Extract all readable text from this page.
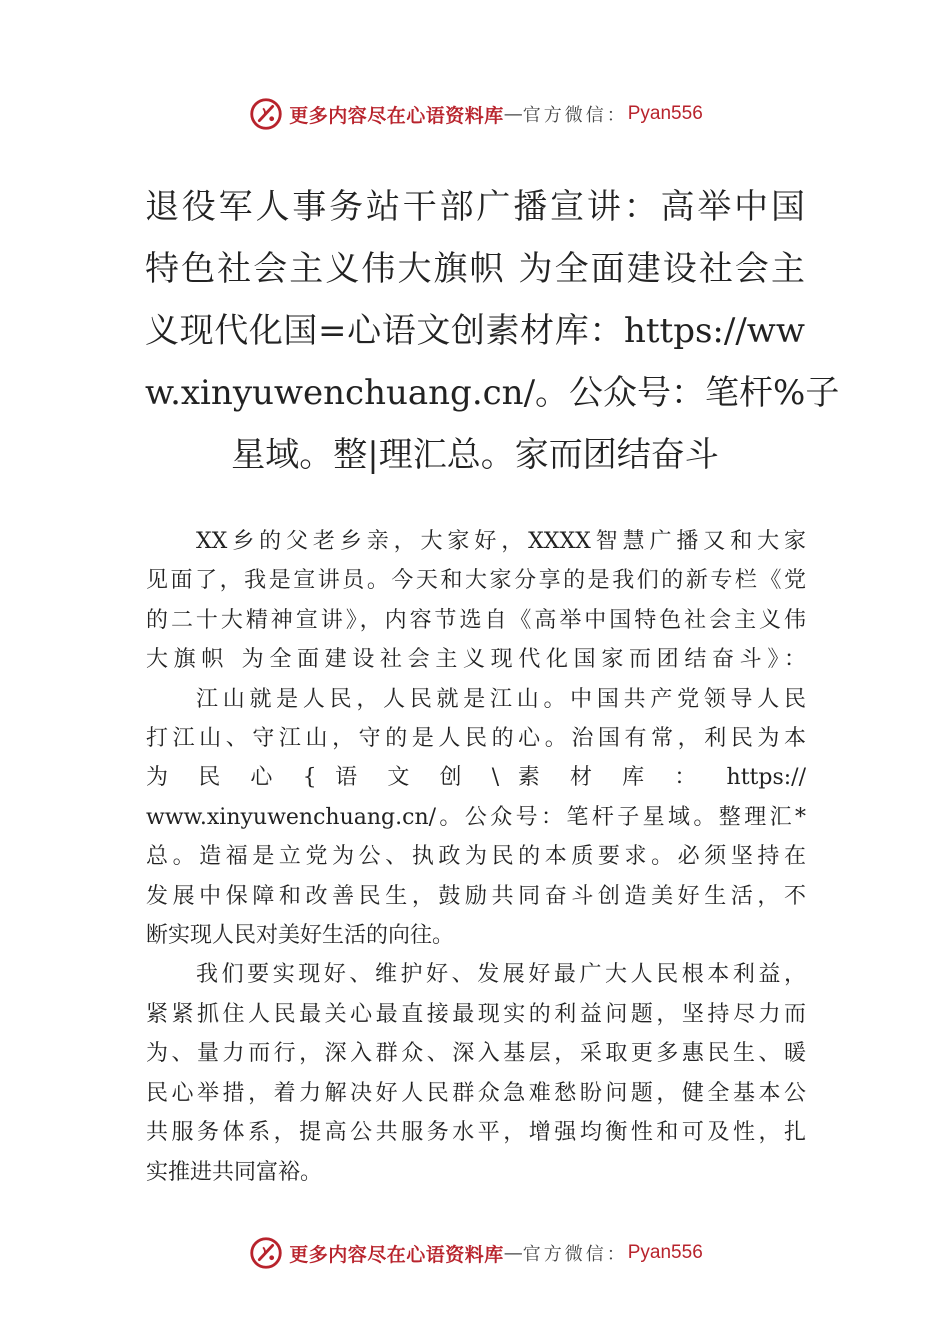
更多内容尽在心语资料库 — 官方微信： Pyan556
退役军人事务站干部广播宣讲：高举中国
特色社会主义伟大旗帜 为全面建设社会主
义现代化国=心语文创素材库：https://ww
w.xinyuwenchuang.cn/。公众号：笔杆%子
星域。整|理汇总。家而团结奋斗

XX乡的父老乡亲，大家好，XXXX智慧广播又和大家
见面了，我是宣讲员。今天和大家分享的是我们的新专栏《党
的二十大精神宣讲》，内容节选自《高举中国特色社会主义伟
大旗帜 为全面建设社会主义现代化国家而团结奋斗》：

江山就是人民，人民就是江山。中国共产党领导人民
打江山、守江山，守的是人民的心。治国有常，利民为本
为 民 心 { 语 文 创 \ 素 材 库 ： https://
www.xinyuwenchuang.cn/。公众号：笔杆子星域。整理汇*
总。造福是立党为公、执政为民的本质要求。必须坚持在
发展中保障和改善民生，鼓励共同奋斗创造美好生活，不
断实现人民对美好生活的向往。

我们要实现好、维护好、发展好最广大人民根本利益，
紧紧抓住人民最关心最直接最现实的利益问题，坚持尽力而
为、量力而行，深入群众、深入基层，采取更多惠民生、暖
民心举措，着力解决好人民群众急难愁盼问题，健全基本公
共服务体系，提高公共服务水平，增强均衡性和可及性，扎
实推进共同富裕。

更多内容尽在心语资料库 — 官方微信： Pyan556
